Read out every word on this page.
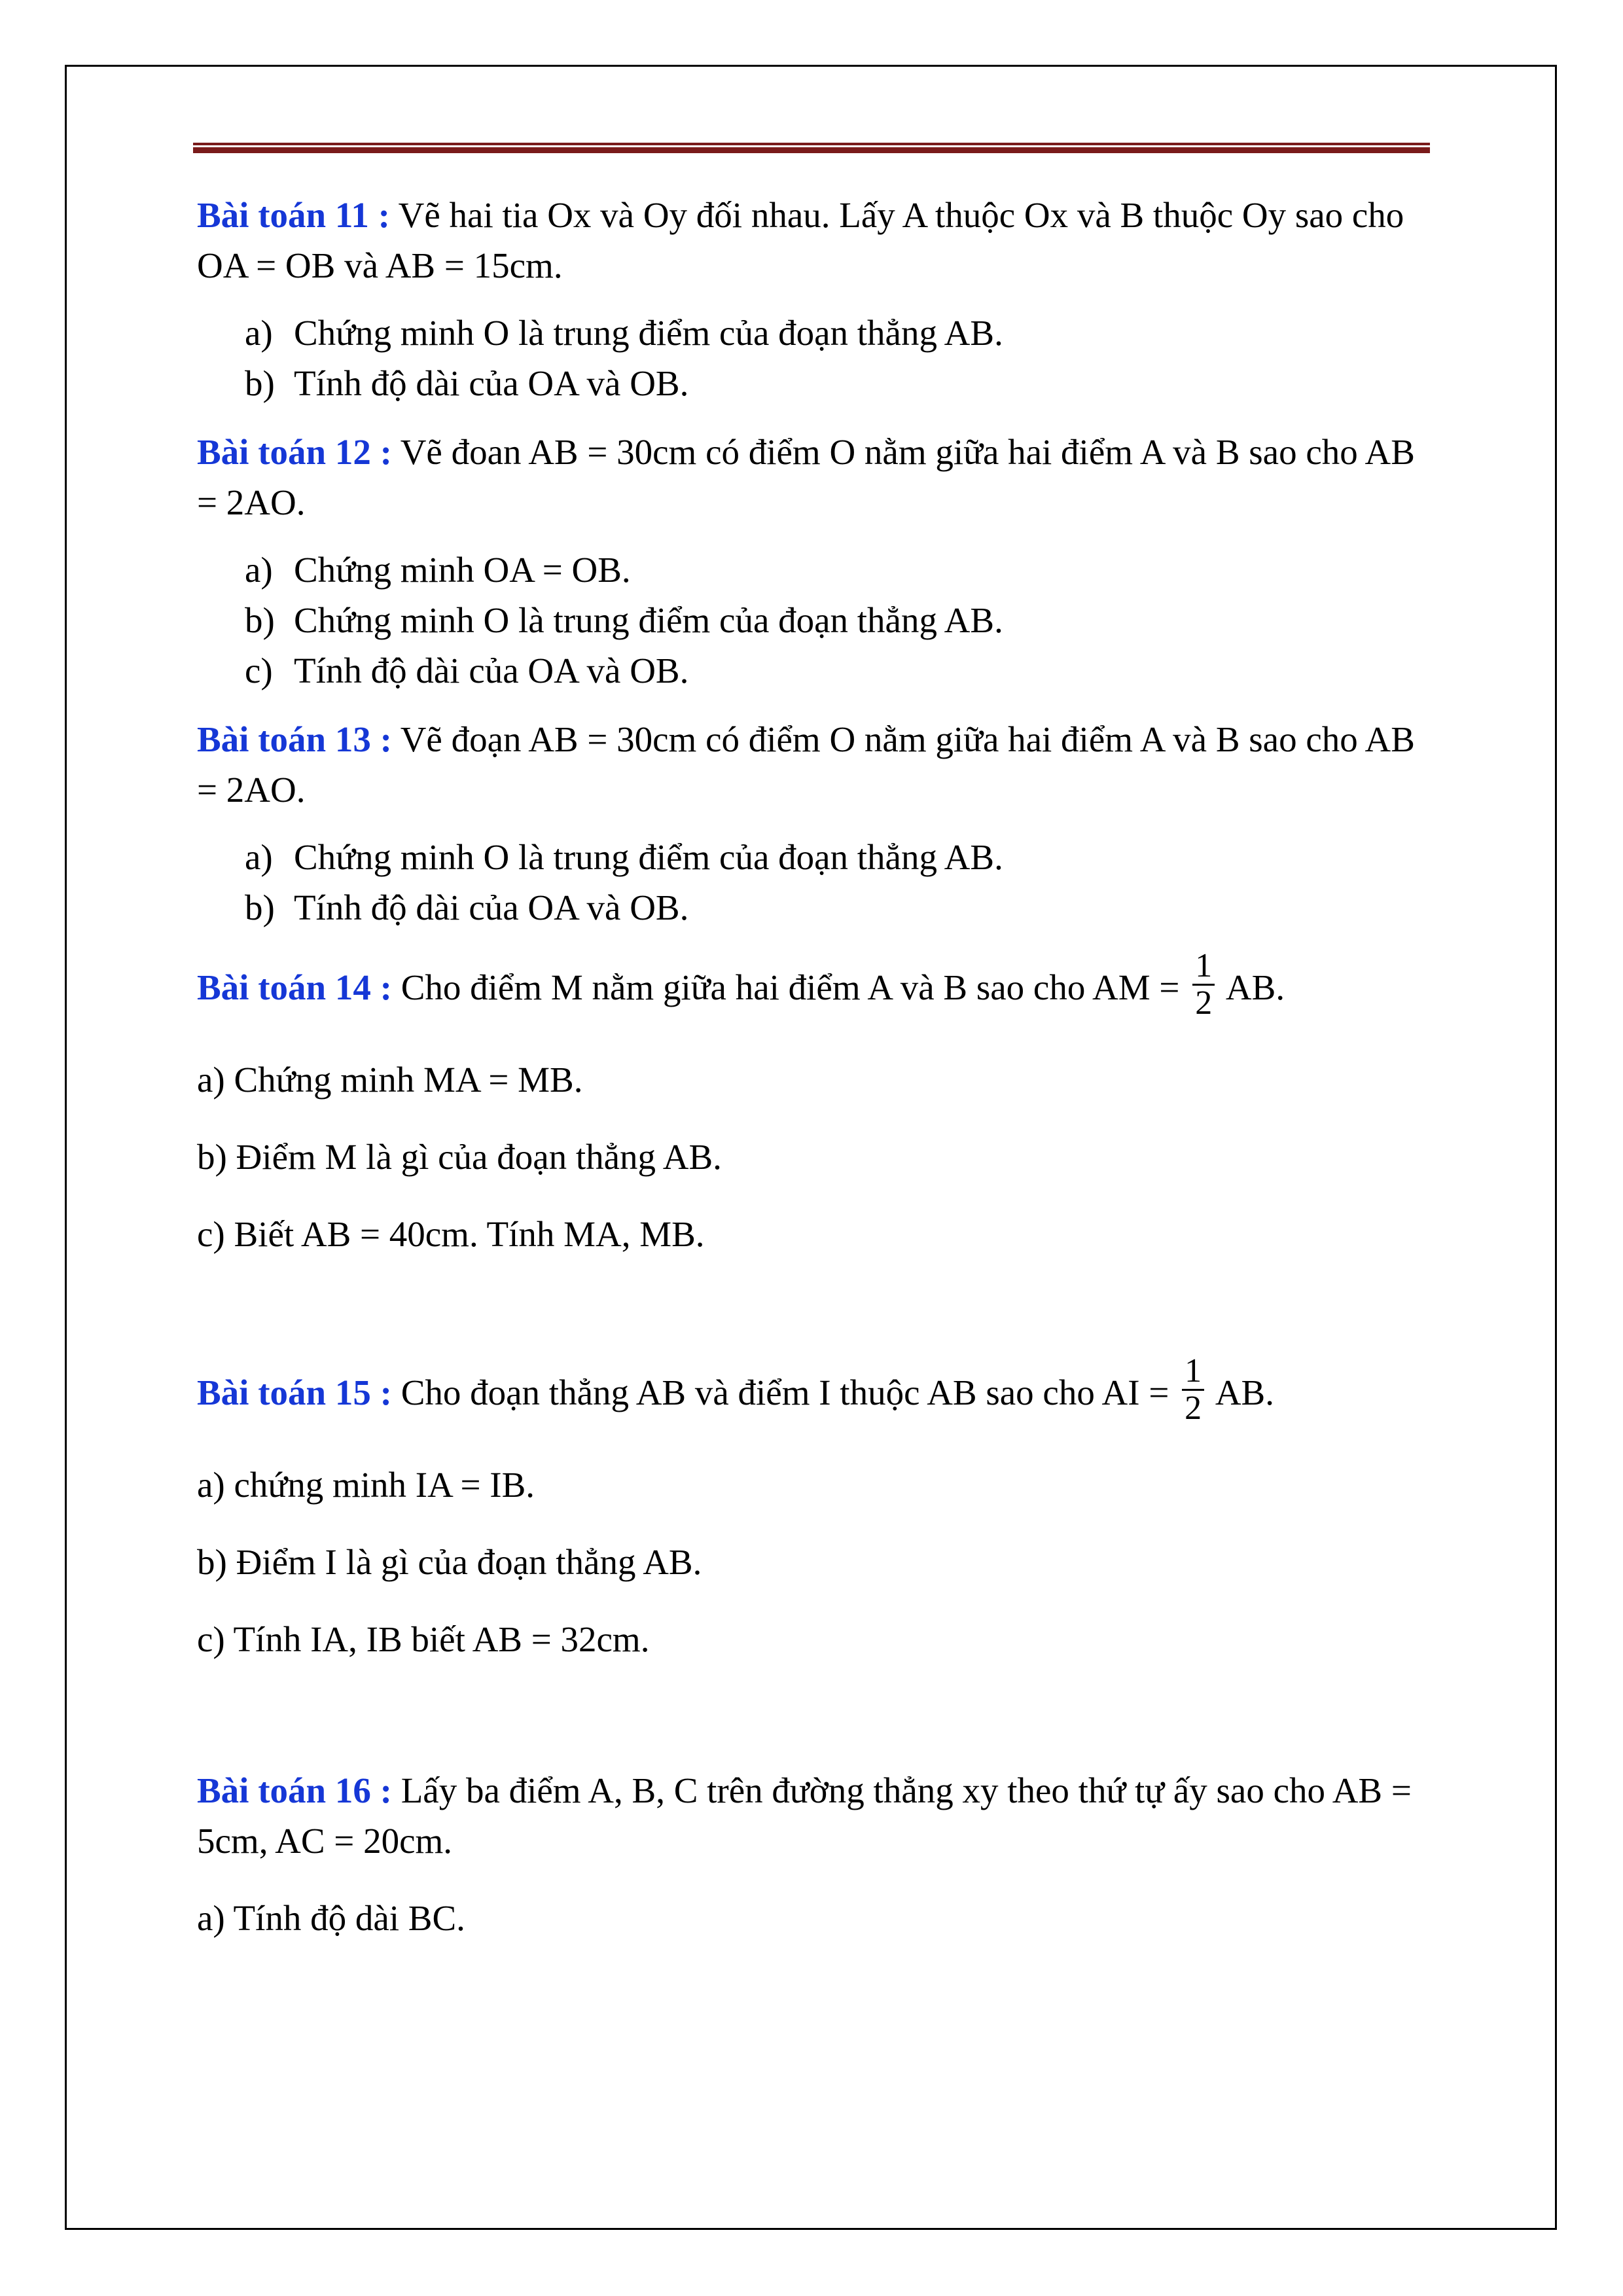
Bài toán 11 : Vẽ hai tia Ox và Oy đối nhau. Lấy A thuộc Ox và B thuộc Oy sao cho OA = OB và AB = 15cm.

a) Chứng minh O là trung điểm của đoạn thẳng AB.
b) Tính độ dài của OA và OB.

Bài toán 12 : Vẽ đoan AB = 30cm có điểm O nằm giữa hai điểm A và B sao cho AB = 2AO.

a) Chứng minh OA = OB.
b) Chứng minh O là trung điểm của đoạn thẳng AB.
c) Tính độ dài của OA và OB.

Bài toán 13 : Vẽ đoạn AB = 30cm có điểm O nằm giữa hai điểm A và B sao cho AB = 2AO.

a) Chứng minh O là trung điểm của đoạn thẳng AB.
b) Tính độ dài của OA và OB.

Bài toán 14 : Cho điểm M nằm giữa hai điểm A và B sao cho AM = $\frac{1}{2}$ AB.

a) Chứng minh MA = MB.

b) Điểm M là gì của đoạn thẳng AB.

c) Biết AB = 40cm. Tính MA, MB.

Bài toán 15 : Cho đoạn thẳng AB và điểm I thuộc AB sao cho AI = $\frac{1}{2}$ AB.

a) chứng minh IA = IB.

b) Điểm I là gì của đoạn thẳng AB.

c) Tính IA, IB biết AB = 32cm.

Bài toán 16 : Lấy ba điểm A, B, C trên đường thẳng xy theo thứ tự ấy sao cho AB = 5cm, AC = 20cm.

a) Tính độ dài BC.
